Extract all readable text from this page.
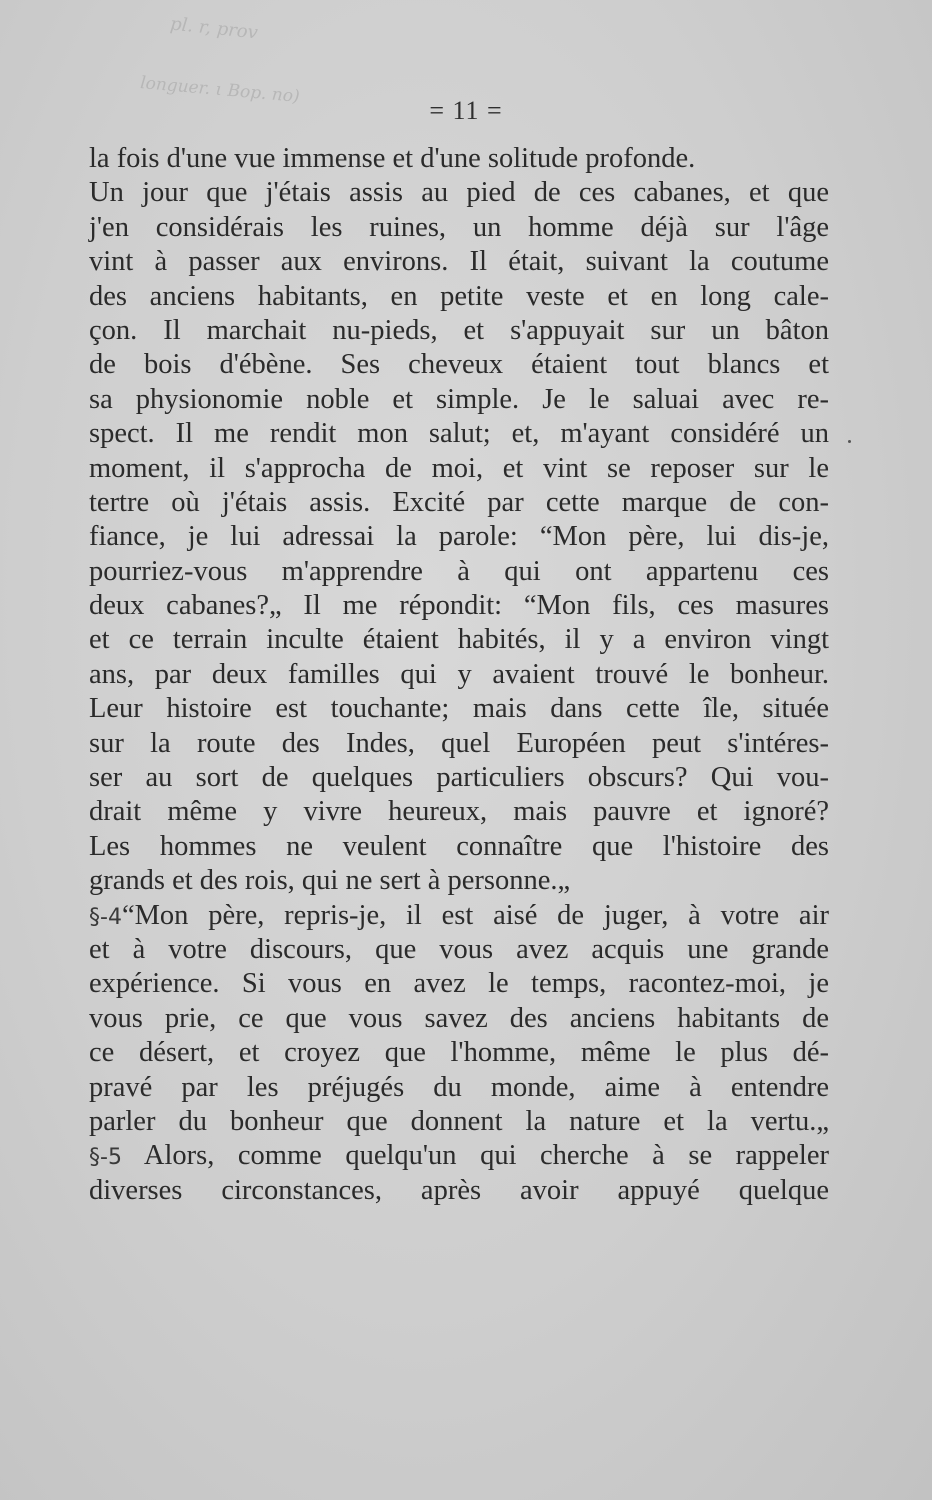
pl. r, prov
longuer. ι Bop. no)
= 11 =
la fois d'une vue immense et d'une solitude profonde.
Un jour que j'étais assis au pied de ces cabanes, et que
j'en considérais les ruines, un homme déjà sur l'âge
vint à passer aux environs. Il était, suivant la coutume
des anciens habitants, en petite veste et en long cale-
çon. Il marchait nu-pieds, et s'appuyait sur un bâton
de bois d'ébène. Ses cheveux étaient tout blancs et
sa physionomie noble et simple. Je le saluai avec re-
spect. Il me rendit mon salut; et, m'ayant considéré un
moment, il s'approcha de moi, et vint se reposer sur le
tertre où j'étais assis. Excité par cette marque de con-
fiance, je lui adressai la parole: “Mon père, lui dis-je,
pourriez-vous m'apprendre à qui ont appartenu ces
deux cabanes?„ Il me répondit: “Mon fils, ces masures
et ce terrain inculte étaient habités, il y a environ vingt
ans, par deux familles qui y avaient trouvé le bonheur.
Leur histoire est touchante; mais dans cette île, située
sur la route des Indes, quel Européen peut s'intéres-
ser au sort de quelques particuliers obscurs? Qui vou-
drait même y vivre heureux, mais pauvre et ignoré?
Les hommes ne veulent connaître que l'histoire des
grands et des rois, qui ne sert à personne.„
§-4“Mon père, repris-je, il est aisé de juger, à votre air
et à votre discours, que vous avez acquis une grande
expérience. Si vous en avez le temps, racontez-moi, je
vous prie, ce que vous savez des anciens habitants de
ce désert, et croyez que l'homme, même le plus dé-
pravé par les préjugés du monde, aime à entendre
parler du bonheur que donnent la nature et la vertu.„
§-5 Alors, comme quelqu'un qui cherche à se rappeler
diverses circonstances, après avoir appuyé quelque
